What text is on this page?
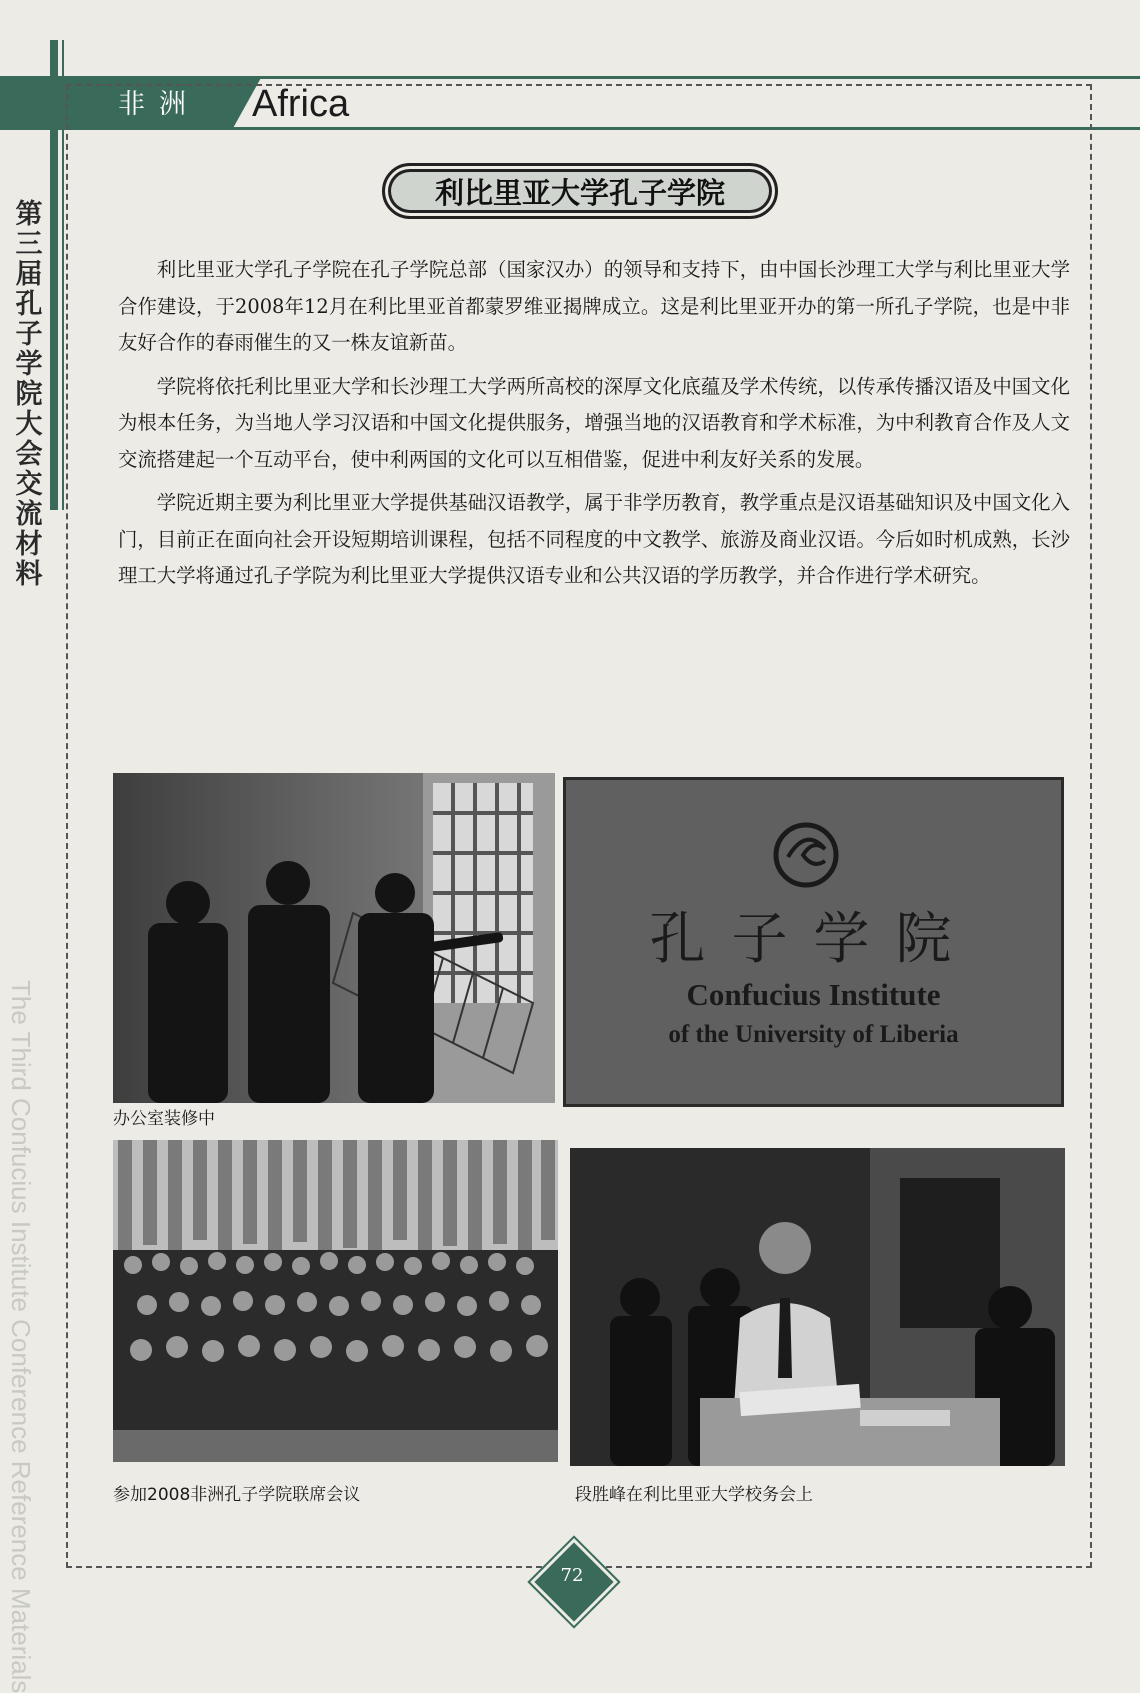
非洲 Africa
第三届孔子学院大会交流材料
The Third Confucius Institute Conference Reference Materials
利比里亚大学孔子学院

利比里亚大学孔子学院在孔子学院总部（国家汉办）的领导和支持下，由中国长沙理工大学与利比里亚大学合作建设，于2008年12月在利比里亚首都蒙罗维亚揭牌成立。这是利比里亚开办的第一所孔子学院，也是中非友好合作的春雨催生的又一株友谊新苗。

学院将依托利比里亚大学和长沙理工大学两所高校的深厚文化底蕴及学术传统，以传承传播汉语及中国文化为根本任务，为当地人学习汉语和中国文化提供服务，增强当地的汉语教育和学术标准，为中利教育合作及人文交流搭建起一个互动平台，使中利两国的文化可以互相借鉴，促进中利友好关系的发展。

学院近期主要为利比里亚大学提供基础汉语教学，属于非学历教育，教学重点是汉语基础知识及中国文化入门，目前正在面向社会开设短期培训课程，包括不同程度的中文教学、旅游及商业汉语。今后如时机成熟，长沙理工大学将通过孔子学院为利比里亚大学提供汉语专业和公共汉语的学历教学，并合作进行学术研究。

办公室装修中
孔子学院
Confucius Institute
of the University of Liberia
参加2008非洲孔子学院联席会议	段胜峰在利比里亚大学校务会上
72
